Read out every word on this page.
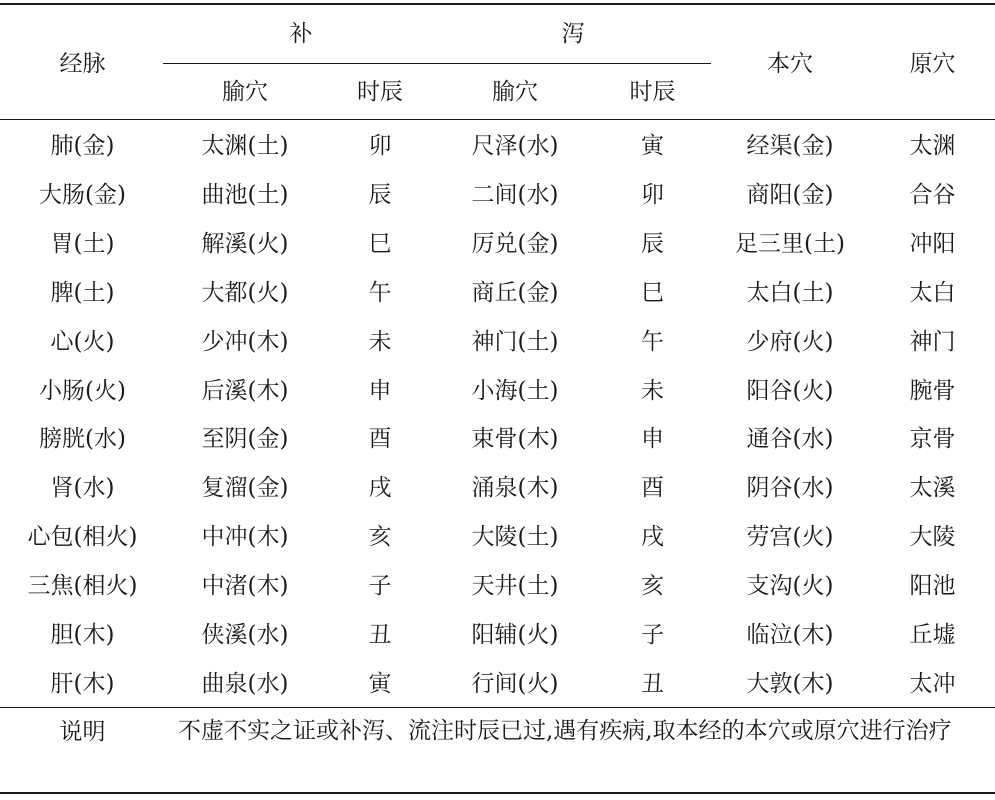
经脉
补	泻
腧穴	时辰	腧穴	时辰
本穴	原穴
肺(金)	太渊(土)	卯	尺泽(水)	寅	经渠(金)	太渊
大肠(金)	曲池(土)	辰	二间(水)	卯	商阳(金)	合谷
胃(土)	解溪(火)	巳	厉兑(金)	辰	足三里(土)	冲阳
脾(土)	大都(火)	午	商丘(金)	巳	太白(土)	太白
心(火)	少冲(木)	未	神门(土)	午	少府(火)	神门
小肠(火)	后溪(木)	申	小海(土)	未	阳谷(火)	腕骨
膀胱(水)	至阴(金)	酉	束骨(木)	申	通谷(水)	京骨
肾(水)	复溜(金)	戌	涌泉(木)	酉	阴谷(水)	太溪
心包(相火)	中冲(木)	亥	大陵(土)	戌	劳宫(火)	大陵
三焦(相火)	中渚(木)	子	天井(土)	亥	支沟(火)	阳池
胆(木)	侠溪(水)	丑	阳辅(火)	子	临泣(木)	丘墟
肝(木)	曲泉(水)	寅	行间(火)	丑	大敦(木)	太冲
说明	不虚不实之证或补泻、流注时辰已过,遇有疾病,取本经的本穴或原穴进行治疗
